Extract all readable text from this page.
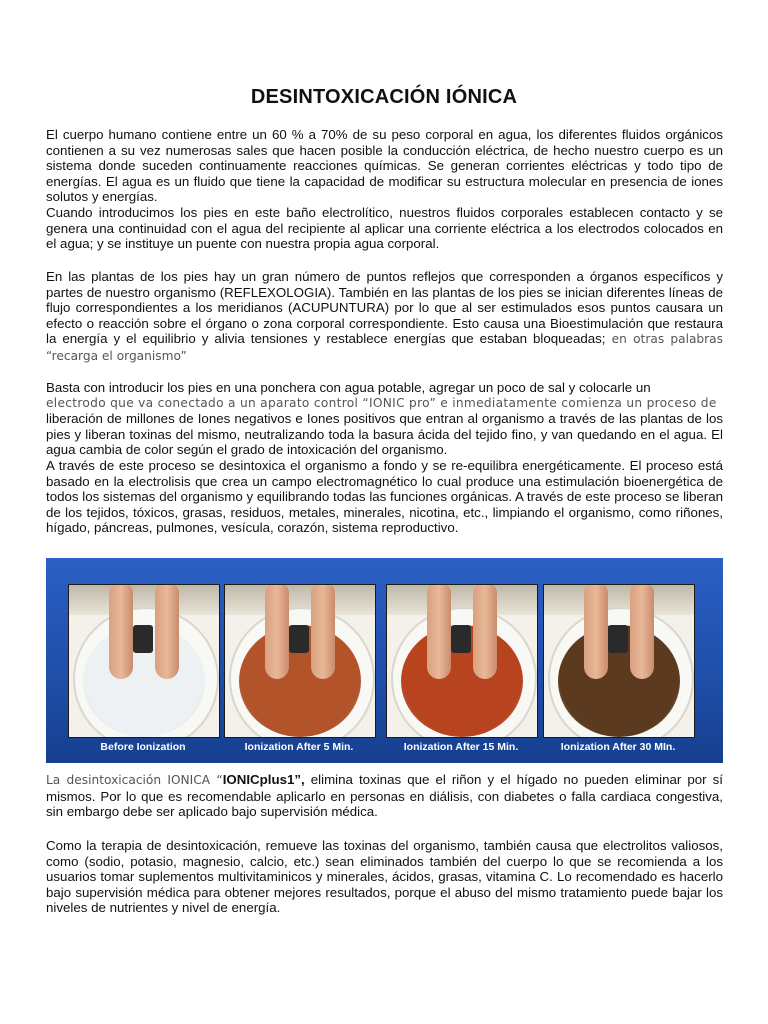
DESINTOXICACIÓN IÓNICA

El cuerpo humano contiene entre un 60 % a 70% de su peso corporal en agua, los diferentes fluidos orgánicos contienen a su vez numerosas sales que hacen posible la conducción eléctrica, de hecho nuestro cuerpo es un sistema donde suceden continuamente reacciones químicas. Se generan corrientes eléctricas y todo tipo de energías. El agua es un fluido que tiene la capacidad de modificar su estructura molecular en presencia de iones solutos y energías.

Cuando introducimos los pies en este baño electrolítico, nuestros fluidos corporales establecen contacto y se genera una continuidad con el agua del recipiente al aplicar una corriente eléctrica a los electrodos colocados en el agua; y se instituye un puente con nuestra propia agua corporal.

En las plantas de los pies hay un gran número de puntos reflejos que corresponden a órganos específicos y partes de nuestro organismo (REFLEXOLOGIA). También en las plantas de los pies se inician diferentes líneas de flujo correspondientes a los meridianos (ACUPUNTURA) por lo que al ser estimulados esos puntos causara un efecto o reacción sobre el órgano o zona corporal correspondiente. Esto causa una Bioestimulación que restaura la energía y el equilibrio y alivia tensiones y restablece energías que estaban bloqueadas; en otras palabras “recarga el organismo”

Basta con introducir los pies en una ponchera con agua potable, agregar un poco de sal y colocarle un

electrodo que va conectado a un aparato control “IONIC pro” e inmediatamente comienza un proceso de

liberación de millones de Iones negativos e Iones positivos que entran al organismo a través de las plantas de los pies y liberan toxinas del mismo, neutralizando toda la basura ácida del tejido fino, y van quedando en el agua. El agua cambia de color según el grado de intoxicación del organismo.

A través de este proceso se desintoxica el organismo a fondo y se re-equilibra energéticamente. El proceso está basado en la electrolisis que crea un campo electromagnético lo cual produce una estimulación bioenergética de todos los sistemas del organismo y equilibrando todas las funciones orgánicas. A través de este proceso se liberan de los tejidos, tóxicos, grasas, residuos, metales, minerales, nicotina, etc., limpiando el organismo, como riñones, hígado, páncreas, pulmones, vesícula, corazón, sistema reproductivo.

Before Ionization	Ionization After 5 Min.	Ionization After 15 Min.	Ionization After 30 MIn.

La desintoxicación IONICA “IONICplus1”, elimina toxinas que el riñon y el hígado no pueden eliminar por sí mismos. Por lo que es recomendable aplicarlo en personas en diálisis, con diabetes o falla cardiaca congestiva, sin embargo debe ser aplicado bajo supervisión médica.

Como la terapia de desintoxicación, remueve las toxinas del organismo, también causa que electrolitos valiosos, como (sodio, potasio, magnesio, calcio, etc.) sean eliminados también del cuerpo lo que se recomienda a los usuarios tomar suplementos multivitaminicos y minerales, ácidos, grasas, vitamina C. Lo recomendado es hacerlo bajo supervisión médica para obtener mejores resultados, porque el abuso del mismo tratamiento puede bajar los niveles de nutrientes y nivel de energía.
